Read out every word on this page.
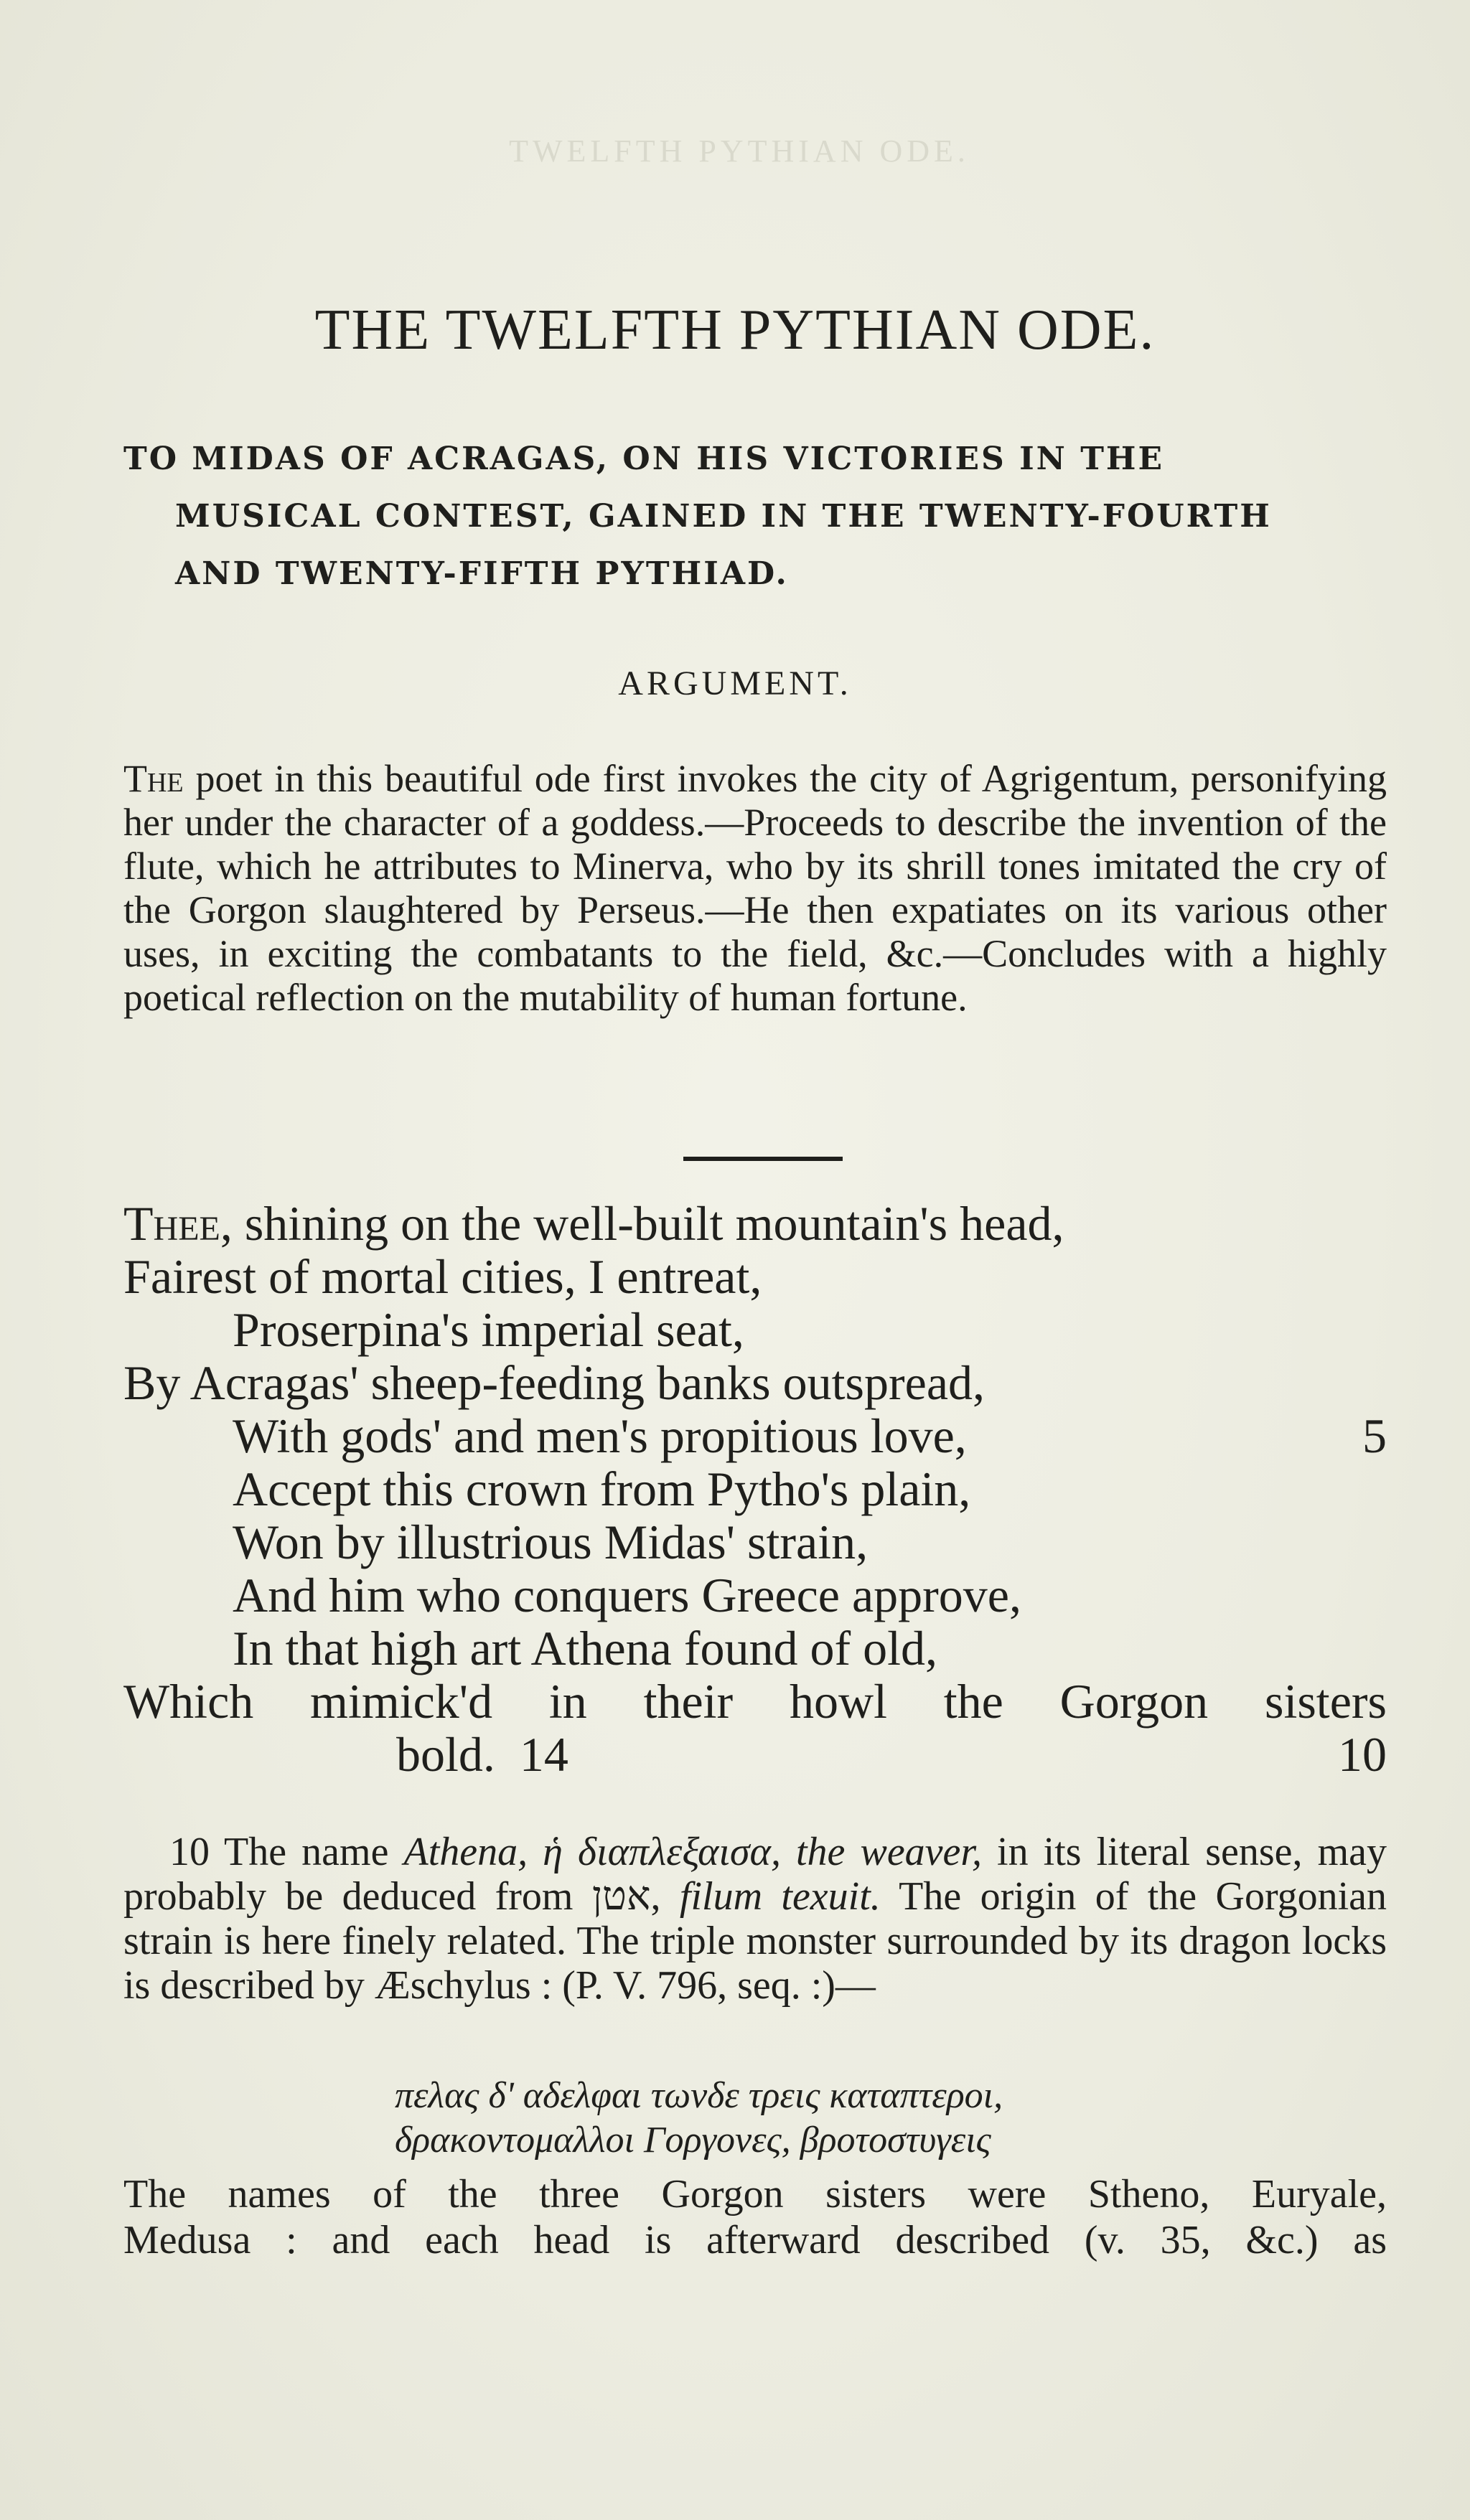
TWELFTH PYTHIAN ODE.
THE TWELFTH PYTHIAN ODE.
TO MIDAS OF ACRAGAS, ON HIS VICTORIES IN THE
MUSICAL CONTEST, GAINED IN THE TWENTY-FOURTH
AND TWENTY-FIFTH PYTHIAD.
ARGUMENT.
The poet in this beautiful ode first invokes the city of Agrigentum, personifying her under the character of a goddess.—Proceeds to describe the invention of the flute, which he attributes to Minerva, who by its shrill tones imitated the cry of the Gorgon slaughtered by Perseus.—He then expatiates on its various other uses, in exciting the combatants to the field, &c.—Concludes with a highly poetical reflection on the mutability of human fortune.
Thee, shining on the well-built mountain's head,
Fairest of mortal cities, I entreat,
Proserpina's imperial seat,
By Acragas' sheep-feeding banks outspread,
With gods' and men's propitious love,	5
Accept this crown from Pytho's plain,
Won by illustrious Midas' strain,
And him who conquers Greece approve,
In that high art Athena found of old,
Which mimick'd in their howl the Gorgon sisters
bold.  14	10

10 The name Athena, ἡ διαπλεξαισα, the weaver, in its literal sense, may probably be deduced from אטן, filum texuit. The origin of the Gorgonian strain is here finely related. The triple monster surrounded by its dragon locks is described by Æschylus : (P. V. 796, seq. :)—

πελας δ' αδελφαι τωνδε τρεις καταπτεροι,
δρακοντομαλλοι Γοργονες, βροτοστυγεις

The names of the three Gorgon sisters were Stheno, Euryale,

Medusa : and each head is afterward described (v. 35, &c.) as
